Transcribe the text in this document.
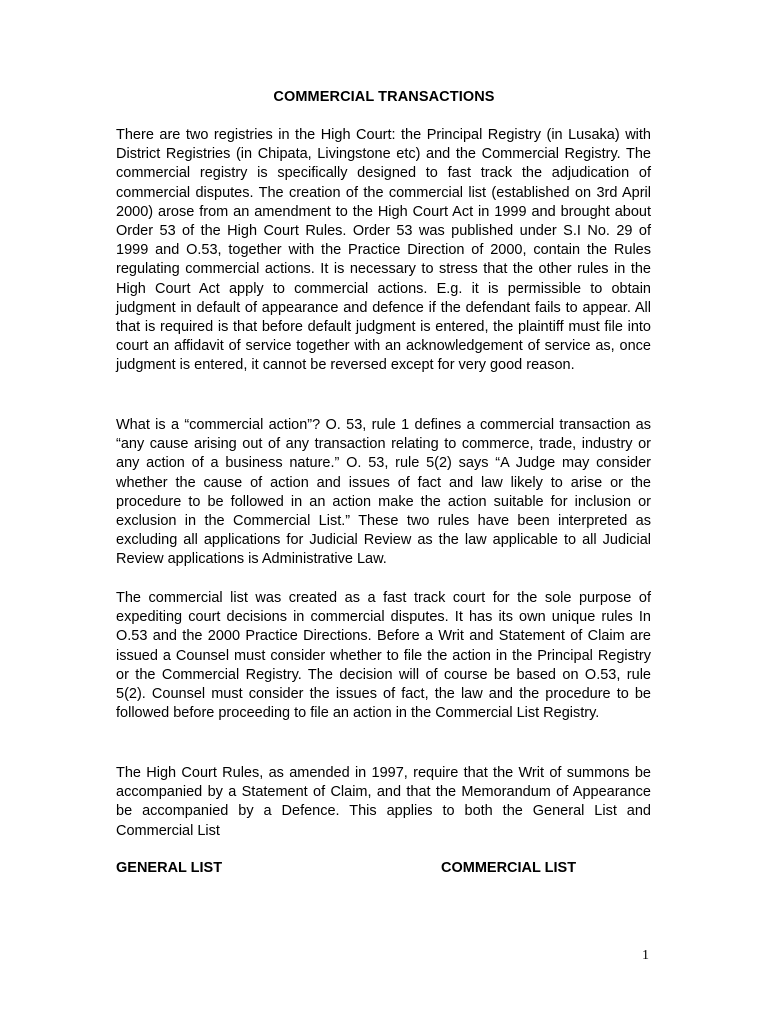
COMMERCIAL TRANSACTIONS

There are two registries in the High Court: the Principal Registry (in Lusaka) with District Registries (in Chipata, Livingstone etc) and the Commercial Registry. The commercial registry is specifically designed to fast track the adjudication of commercial disputes. The creation of the commercial list (established on 3rd April 2000) arose from an amendment to the High Court Act in 1999 and brought about Order 53 of the High Court Rules. Order 53 was published under S.I No. 29 of 1999 and O.53, together with the Practice Direction of 2000, contain the Rules regulating commercial actions. It is necessary to stress that the other rules in the High Court Act apply to commercial actions. E.g. it is permissible to obtain judgment in default of appearance and defence if the defendant fails to appear. All that is required is that before default judgment is entered, the plaintiff must file into court an affidavit of service together with an acknowledgement of service as, once judgment is entered, it cannot be reversed except for very good reason.

What is a “commercial action”? O. 53, rule 1 defines a commercial transaction as “any cause arising out of any transaction relating to commerce, trade, industry or any action of a business nature.” O. 53, rule 5(2) says “A Judge may consider whether the cause of action and issues of fact and law likely to arise or the procedure to be followed in an action make the action suitable for inclusion or exclusion in the Commercial List.” These two rules have been interpreted as excluding all applications for Judicial Review as the law applicable to all Judicial Review applications is Administrative Law.

The commercial list was created as a fast track court for the sole purpose of expediting court decisions in commercial disputes. It has its own unique rules In O.53 and the 2000 Practice Directions. Before a Writ and Statement of Claim are issued a Counsel must consider whether to file the action in the Principal Registry or the Commercial Registry. The decision will of course be based on O.53, rule 5(2). Counsel must consider the issues of fact, the law and the procedure to be followed before proceeding to file an action in the Commercial List Registry.

The High Court Rules, as amended in 1997, require that the Writ of summons be accompanied by a Statement of Claim, and that the Memorandum of Appearance be accompanied by a Defence. This applies to both the General List and Commercial List

GENERAL LIST	COMMERCIAL LIST
1
